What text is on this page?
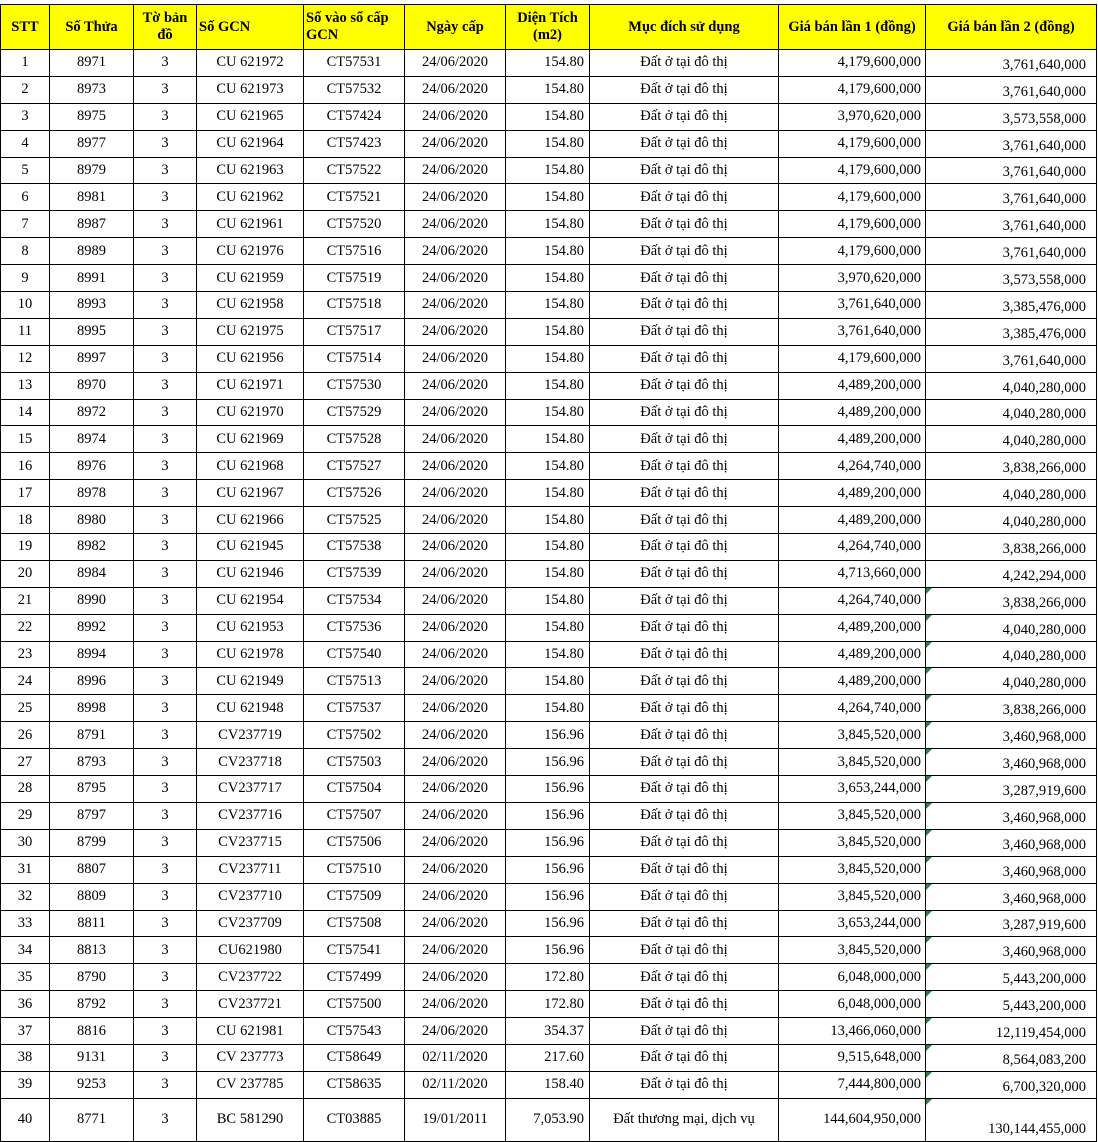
STT	Số Thửa	Tờ bản đồ	Số GCN	Số vào sổ cấp GCN	Ngày cấp	Diện Tích (m2)	Mục đích sử dụng	Giá bán lần 1 (đồng)	Giá bán lần 2 (đồng)
1	8971	3	CU 621972	CT57531	24/06/2020	154.80	Đất ở tại đô thị	4,179,600,000	3,761,640,000
2	8973	3	CU 621973	CT57532	24/06/2020	154.80	Đất ở tại đô thị	4,179,600,000	3,761,640,000
3	8975	3	CU 621965	CT57424	24/06/2020	154.80	Đất ở tại đô thị	3,970,620,000	3,573,558,000
4	8977	3	CU 621964	CT57423	24/06/2020	154.80	Đất ở tại đô thị	4,179,600,000	3,761,640,000
5	8979	3	CU 621963	CT57522	24/06/2020	154.80	Đất ở tại đô thị	4,179,600,000	3,761,640,000
6	8981	3	CU 621962	CT57521	24/06/2020	154.80	Đất ở tại đô thị	4,179,600,000	3,761,640,000
7	8987	3	CU 621961	CT57520	24/06/2020	154.80	Đất ở tại đô thị	4,179,600,000	3,761,640,000
8	8989	3	CU 621976	CT57516	24/06/2020	154.80	Đất ở tại đô thị	4,179,600,000	3,761,640,000
9	8991	3	CU 621959	CT57519	24/06/2020	154.80	Đất ở tại đô thị	3,970,620,000	3,573,558,000
10	8993	3	CU 621958	CT57518	24/06/2020	154.80	Đất ở tại đô thị	3,761,640,000	3,385,476,000
11	8995	3	CU 621975	CT57517	24/06/2020	154.80	Đất ở tại đô thị	3,761,640,000	3,385,476,000
12	8997	3	CU 621956	CT57514	24/06/2020	154.80	Đất ở tại đô thị	4,179,600,000	3,761,640,000
13	8970	3	CU 621971	CT57530	24/06/2020	154.80	Đất ở tại đô thị	4,489,200,000	4,040,280,000
14	8972	3	CU 621970	CT57529	24/06/2020	154.80	Đất ở tại đô thị	4,489,200,000	4,040,280,000
15	8974	3	CU 621969	CT57528	24/06/2020	154.80	Đất ở tại đô thị	4,489,200,000	4,040,280,000
16	8976	3	CU 621968	CT57527	24/06/2020	154.80	Đất ở tại đô thị	4,264,740,000	3,838,266,000
17	8978	3	CU 621967	CT57526	24/06/2020	154.80	Đất ở tại đô thị	4,489,200,000	4,040,280,000
18	8980	3	CU 621966	CT57525	24/06/2020	154.80	Đất ở tại đô thị	4,489,200,000	4,040,280,000
19	8982	3	CU 621945	CT57538	24/06/2020	154.80	Đất ở tại đô thị	4,264,740,000	3,838,266,000
20	8984	3	CU 621946	CT57539	24/06/2020	154.80	Đất ở tại đô thị	4,713,660,000	4,242,294,000
21	8990	3	CU 621954	CT57534	24/06/2020	154.80	Đất ở tại đô thị	4,264,740,000	3,838,266,000
22	8992	3	CU 621953	CT57536	24/06/2020	154.80	Đất ở tại đô thị	4,489,200,000	4,040,280,000
23	8994	3	CU 621978	CT57540	24/06/2020	154.80	Đất ở tại đô thị	4,489,200,000	4,040,280,000
24	8996	3	CU 621949	CT57513	24/06/2020	154.80	Đất ở tại đô thị	4,489,200,000	4,040,280,000
25	8998	3	CU 621948	CT57537	24/06/2020	154.80	Đất ở tại đô thị	4,264,740,000	3,838,266,000
26	8791	3	CV237719	CT57502	24/06/2020	156.96	Đất ở tại đô thị	3,845,520,000	3,460,968,000
27	8793	3	CV237718	CT57503	24/06/2020	156.96	Đất ở tại đô thị	3,845,520,000	3,460,968,000
28	8795	3	CV237717	CT57504	24/06/2020	156.96	Đất ở tại đô thị	3,653,244,000	3,287,919,600
29	8797	3	CV237716	CT57507	24/06/2020	156.96	Đất ở tại đô thị	3,845,520,000	3,460,968,000
30	8799	3	CV237715	CT57506	24/06/2020	156.96	Đất ở tại đô thị	3,845,520,000	3,460,968,000
31	8807	3	CV237711	CT57510	24/06/2020	156.96	Đất ở tại đô thị	3,845,520,000	3,460,968,000
32	8809	3	CV237710	CT57509	24/06/2020	156.96	Đất ở tại đô thị	3,845,520,000	3,460,968,000
33	8811	3	CV237709	CT57508	24/06/2020	156.96	Đất ở tại đô thị	3,653,244,000	3,287,919,600
34	8813	3	CU621980	CT57541	24/06/2020	156.96	Đất ở tại đô thị	3,845,520,000	3,460,968,000
35	8790	3	CV237722	CT57499	24/06/2020	172.80	Đất ở tại đô thị	6,048,000,000	5,443,200,000
36	8792	3	CV237721	CT57500	24/06/2020	172.80	Đất ở tại đô thị	6,048,000,000	5,443,200,000
37	8816	3	CU 621981	CT57543	24/06/2020	354.37	Đất ở tại đô thị	13,466,060,000	12,119,454,000
38	9131	3	CV 237773	CT58649	02/11/2020	217.60	Đất ở tại đô thị	9,515,648,000	8,564,083,200
39	9253	3	CV 237785	CT58635	02/11/2020	158.40	Đất ở tại đô thị	7,444,800,000	6,700,320,000
40	8771	3	BC 581290	CT03885	19/01/2011	7,053.90	Đất thương mại, dịch vụ	144,604,950,000	130,144,455,000
